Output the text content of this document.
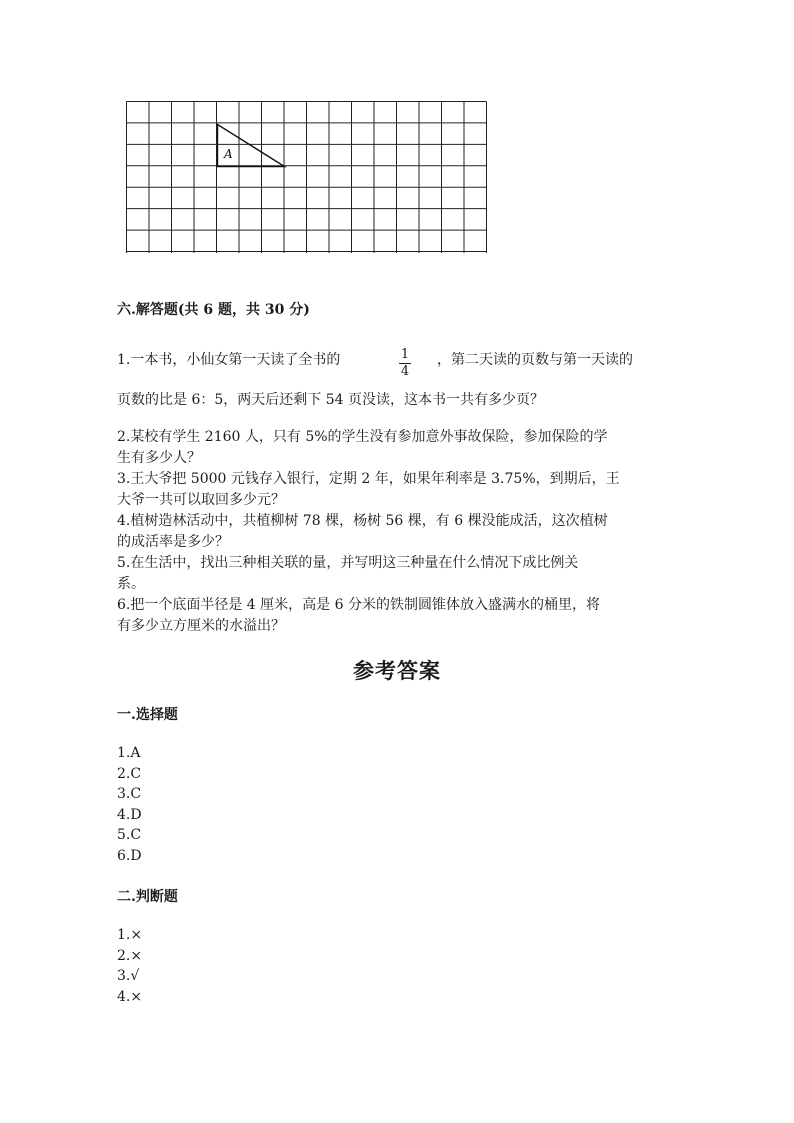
A
六.解答题(共 6 题，共 30 分)
1.一本书，小仙女第一天读了全书的	1
4
，第二天读的页数与第一天读的
页数的比是 6：5，两天后还剩下 54 页没读，这本书一共有多少页？
2.某校有学生 2160 人，只有 5%的学生没有参加意外事故保险，参加保险的学
生有多少人？
3.王大爷把 5000 元钱存入银行，定期 2 年，如果年利率是 3.75%，到期后，王
大爷一共可以取回多少元？
4.植树造林活动中，共植柳树 78 棵，杨树 56 棵，有 6 棵没能成活，这次植树
的成活率是多少？
5.在生活中，找出三种相关联的量，并写明这三种量在什么情况下成比例关
系。
6.把一个底面半径是 4 厘米，高是 6 分米的铁制圆锥体放入盛满水的桶里，将
有多少立方厘米的水溢出？
参考答案
一.选择题
1.A
2.C
3.C
4.D
5.C
6.D
二.判断题
1.×
2.×
3.√
4.×
